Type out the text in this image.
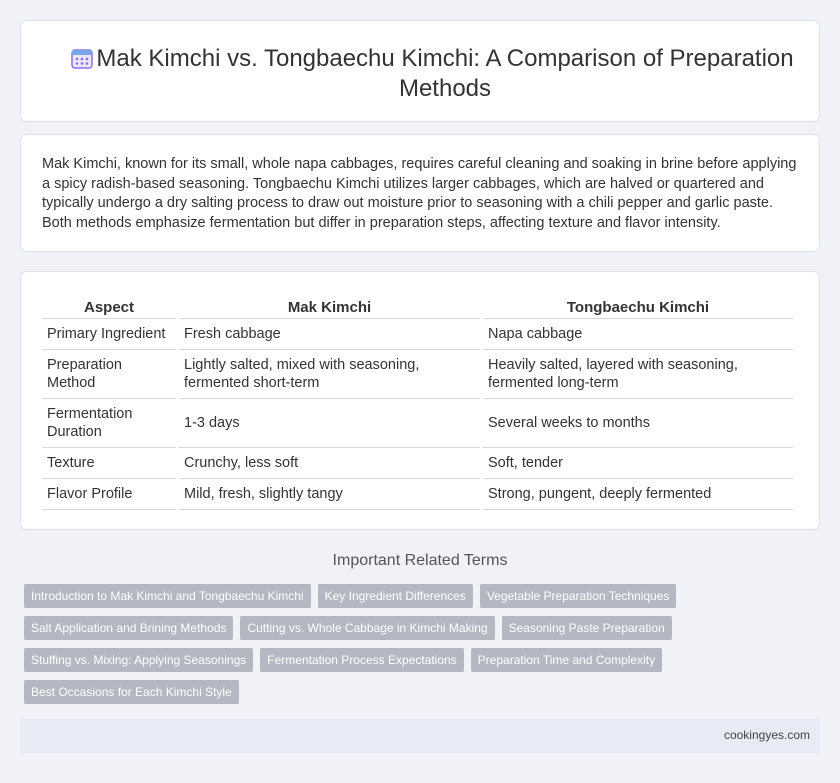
Mak Kimchi vs. Tongbaechu Kimchi: A Comparison of Preparation Methods

Mak Kimchi, known for its small, whole napa cabbages, requires careful cleaning and soaking in brine before applying a spicy radish-based seasoning. Tongbaechu Kimchi utilizes larger cabbages, which are halved or quartered and typically undergo a dry salting process to draw out moisture prior to seasoning with a chili pepper and garlic paste. Both methods emphasize fermentation but differ in preparation steps, affecting texture and flavor intensity.

Aspect	Mak Kimchi	Tongbaechu Kimchi
Primary Ingredient	Fresh cabbage	Napa cabbage
Preparation Method	Lightly salted, mixed with seasoning, fermented short-term	Heavily salted, layered with seasoning, fermented long-term
Fermentation Duration	1-3 days	Several weeks to months
Texture	Crunchy, less soft	Soft, tender
Flavor Profile	Mild, fresh, slightly tangy	Strong, pungent, deeply fermented
Important Related Terms
Introduction to Mak Kimchi and Tongbaechu Kimchi	Key Ingredient Differences	Vegetable Preparation Techniques
Salt Application and Brining Methods	Cutting vs. Whole Cabbage in Kimchi Making	Seasoning Paste Preparation
Stuffing vs. Mixing: Applying Seasonings	Fermentation Process Expectations	Preparation Time and Complexity
Best Occasions for Each Kimchi Style
cookingyes.com
